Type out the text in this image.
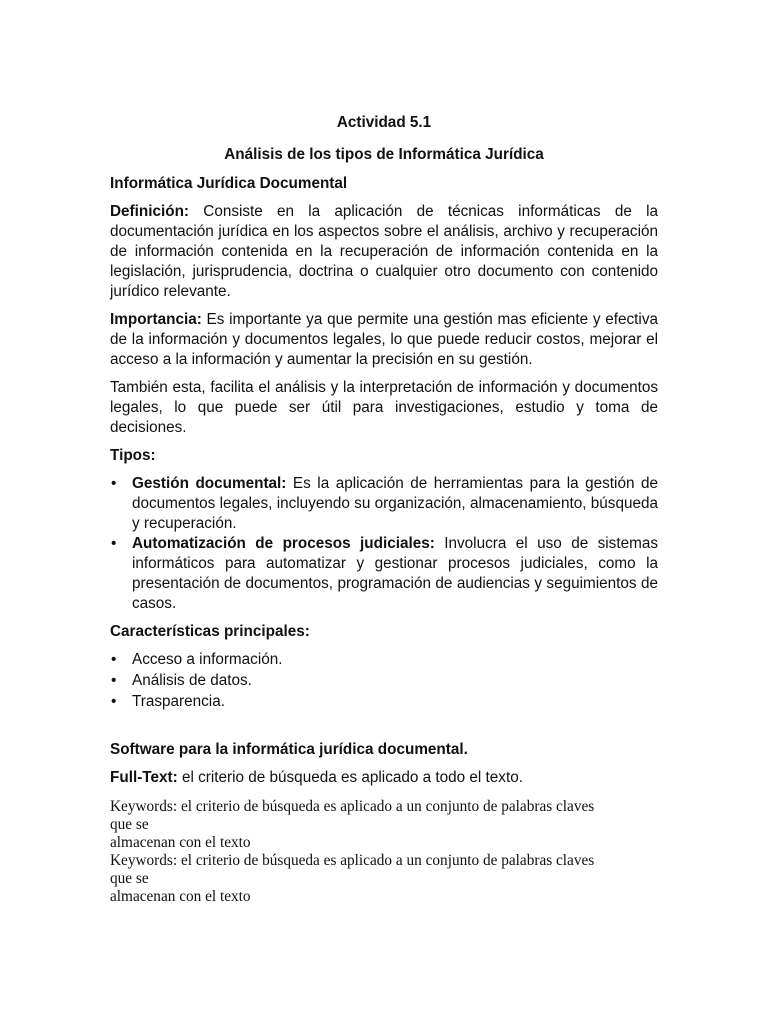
Actividad 5.1
Análisis de los tipos de Informática Jurídica
Informática Jurídica Documental

Definición: Consiste en la aplicación de técnicas informáticas de la documentación jurídica en los aspectos sobre el análisis, archivo y recuperación de información contenida en la recuperación de información contenida en la legislación, jurisprudencia, doctrina o cualquier otro documento con contenido jurídico relevante.

Importancia: Es importante ya que permite una gestión mas eficiente y efectiva de la información y documentos legales, lo que puede reducir costos, mejorar el acceso a la información y aumentar la precisión en su gestión.

También esta, facilita el análisis y la interpretación de información y documentos legales, lo que puede ser útil para investigaciones, estudio y toma de decisiones.

Tipos:
• Gestión documental: Es la aplicación de herramientas para la gestión de documentos legales, incluyendo su organización, almacenamiento, búsqueda y recuperación.
• Automatización de procesos judiciales: Involucra el uso de sistemas informáticos para automatizar y gestionar procesos judiciales, como la presentación de documentos, programación de audiencias y seguimientos de casos.
Características principales:
• Acceso a información.
• Análisis de datos.
• Trasparencia.
Software para la informática jurídica documental.

Full-Text: el criterio de búsqueda es aplicado a todo el texto.

Keywords: el criterio de búsqueda es aplicado a un conjunto de palabras claves
que se
almacenan con el texto
Keywords: el criterio de búsqueda es aplicado a un conjunto de palabras claves
que se
almacenan con el texto
